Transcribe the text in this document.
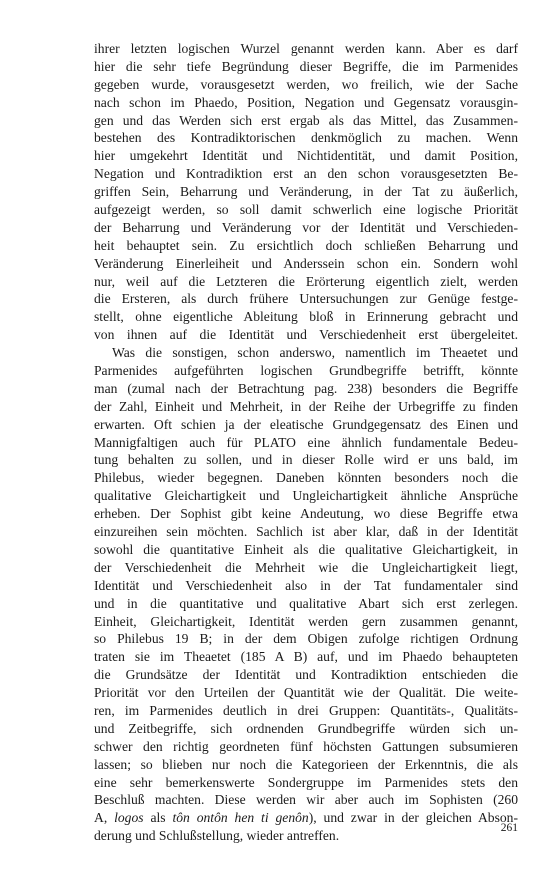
ihrer letzten logischen Wurzel genannt werden kann. Aber es darf
hier die sehr tiefe Begründung dieser Begriffe, die im Parmenides
gegeben wurde, vorausgesetzt werden, wo freilich, wie der Sache
nach schon im Phaedo, Position, Negation und Gegensatz vorausgin-
gen und das Werden sich erst ergab als das Mittel, das Zusammen-
bestehen des Kontradiktorischen denkmöglich zu machen. Wenn
hier umgekehrt Identität und Nichtidentität, und damit Position,
Negation und Kontradiktion erst an den schon vorausgesetzten Be-
griffen Sein, Beharrung und Veränderung, in der Tat zu äußerlich,
aufgezeigt werden, so soll damit schwerlich eine logische Priorität
der Beharrung und Veränderung vor der Identität und Verschieden-
heit behauptet sein. Zu ersichtlich doch schließen Beharrung und
Veränderung Einerleiheit und Anderssein schon ein. Sondern wohl
nur, weil auf die Letzteren die Erörterung eigentlich zielt, werden
die Ersteren, als durch frühere Untersuchungen zur Genüge festge-
stellt, ohne eigentliche Ableitung bloß in Erinnerung gebracht und
von ihnen auf die Identität und Verschiedenheit erst übergeleitet.
Was die sonstigen, schon anderswo, namentlich im Theaetet und
Parmenides aufgeführten logischen Grundbegriffe betrifft, könnte
man (zumal nach der Betrachtung pag. 238) besonders die Begriffe
der Zahl, Einheit und Mehrheit, in der Reihe der Urbegriffe zu finden
erwarten. Oft schien ja der eleatische Grundgegensatz des Einen und
Mannigfaltigen auch für PLATO eine ähnlich fundamentale Bedeu-
tung behalten zu sollen, und in dieser Rolle wird er uns bald, im
Philebus, wieder begegnen. Daneben könnten besonders noch die
qualitative Gleichartigkeit und Ungleichartigkeit ähnliche Ansprüche
erheben. Der Sophist gibt keine Andeutung, wo diese Begriffe etwa
einzureihen sein möchten. Sachlich ist aber klar, daß in der Identität
sowohl die quantitative Einheit als die qualitative Gleichartigkeit, in
der Verschiedenheit die Mehrheit wie die Ungleichartigkeit liegt,
Identität und Verschiedenheit also in der Tat fundamentaler sind
und in die quantitative und qualitative Abart sich erst zerlegen.
Einheit, Gleichartigkeit, Identität werden gern zusammen genannt,
so Philebus 19 B; in der dem Obigen zufolge richtigen Ordnung
traten sie im Theaetet (185 A B) auf, und im Phaedo behaupteten
die Grundsätze der Identität und Kontradiktion entschieden die
Priorität vor den Urteilen der Quantität wie der Qualität. Die weite-
ren, im Parmenides deutlich in drei Gruppen: Quantitäts-, Qualitäts-
und Zeitbegriffe, sich ordnenden Grundbegriffe würden sich un-
schwer den richtig geordneten fünf höchsten Gattungen subsumieren
lassen; so blieben nur noch die Kategorieen der Erkenntnis, die als
eine sehr bemerkenswerte Sondergruppe im Parmenides stets den
Beschluß machten. Diese werden wir aber auch im Sophisten (260
A, logos als tôn ontôn hen ti genôn), und zwar in der gleichen Abson-
derung und Schlußstellung, wieder antreffen.
261
